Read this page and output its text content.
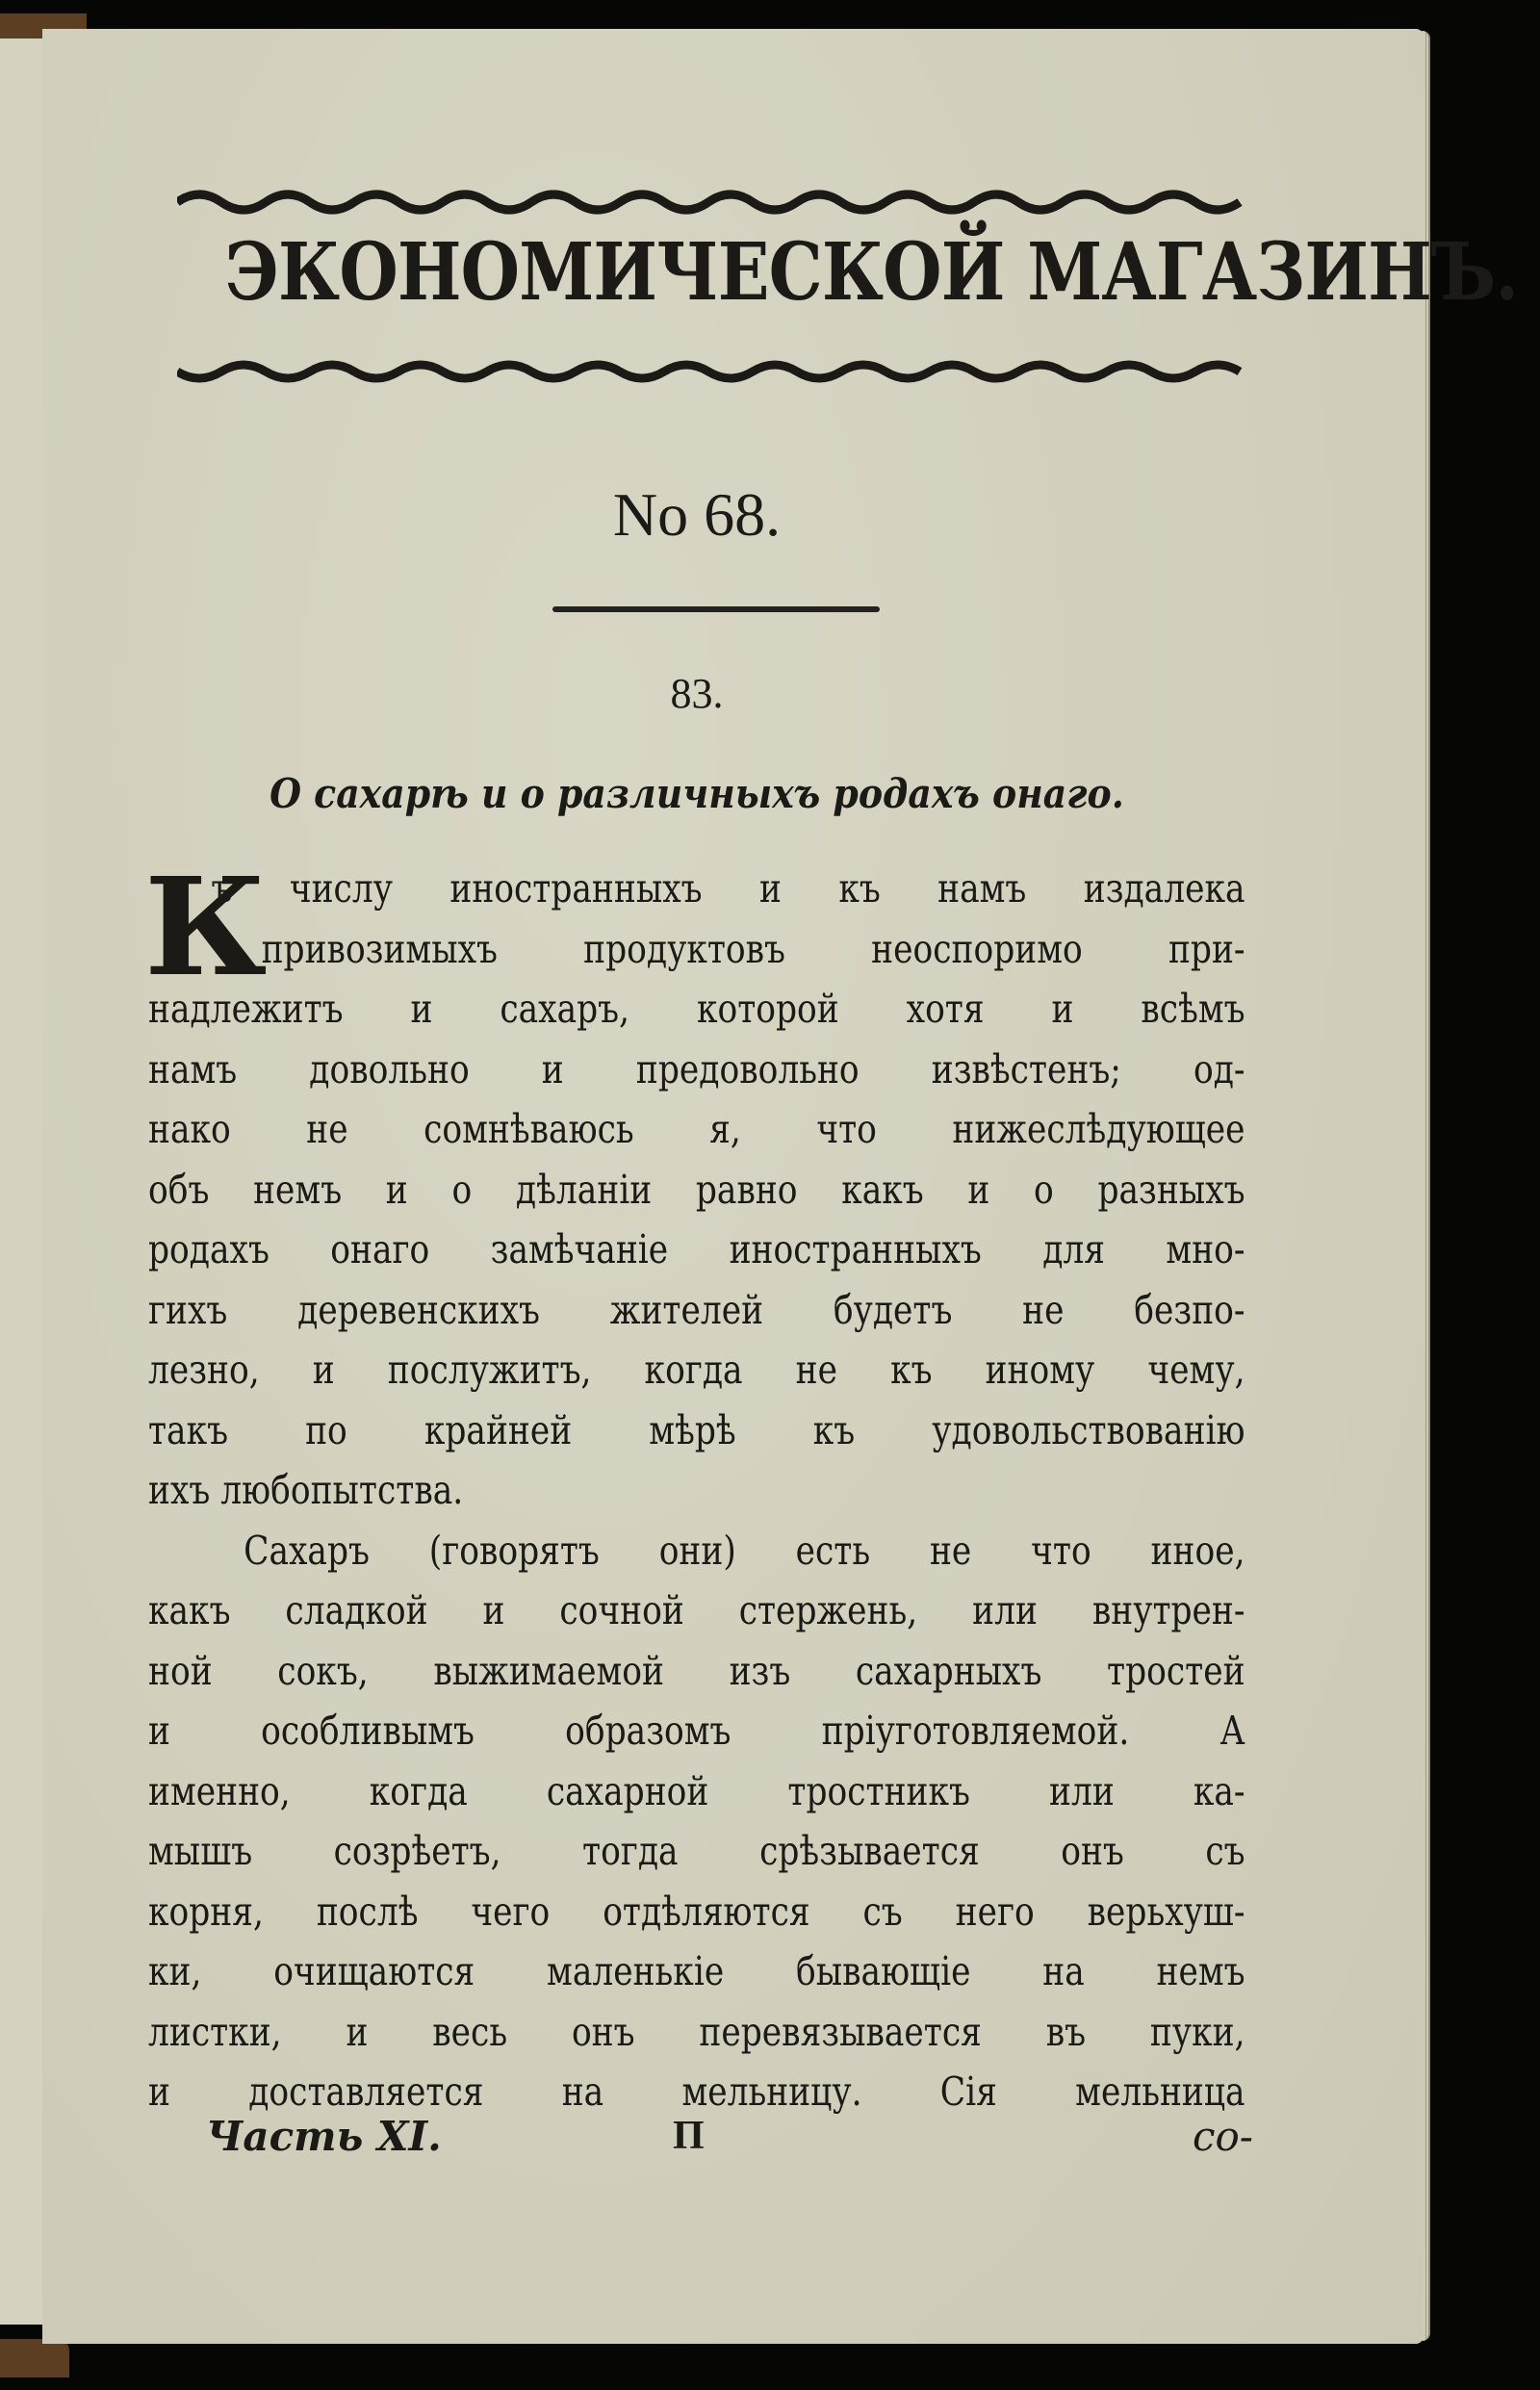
ЭКОНОМИЧЕСКОЙ МАГАЗИНЪ.
No 68.
83.
О сахарѣ и о различныхъ родахъ онаго.
К
ъ числу иностранныхъ и къ намъ издалека
привозимыхъ продуктовъ неоспоримо при-
надлежитъ и сахаръ, которой хотя и всѣмъ
намъ довольно и предовольно извѣстенъ; од-
нако не сомнѣваюсь я, что нижеслѣдующее
объ немъ и о дѣланіи равно какъ и о разныхъ
родахъ онаго замѣчаніе иностранныхъ для мно-
гихъ деревенскихъ жителей будетъ не безпо-
лезно, и послужитъ, когда не къ иному чему,
такъ по крайней мѣрѣ къ удовольствованію
ихъ любопытства.
Сахаръ (говорятъ они) есть не что иное,
какъ сладкой и сочной стержень, или внутрен-
ной сокъ, выжимаемой изъ сахарныхъ тростей
и особливымъ образомъ пріуготовляемой. А
именно, когда сахарной тростникъ или ка-
мышъ созрѣетъ, тогда срѣзывается онъ съ
корня, послѣ чего отдѣляются съ него верьхуш-
ки, очищаются маленькіе бывающіе на немъ
листки, и весь онъ перевязывается въ пуки,
и доставляется на мельницу. Сія мельница
Часть XI.	П	со-
